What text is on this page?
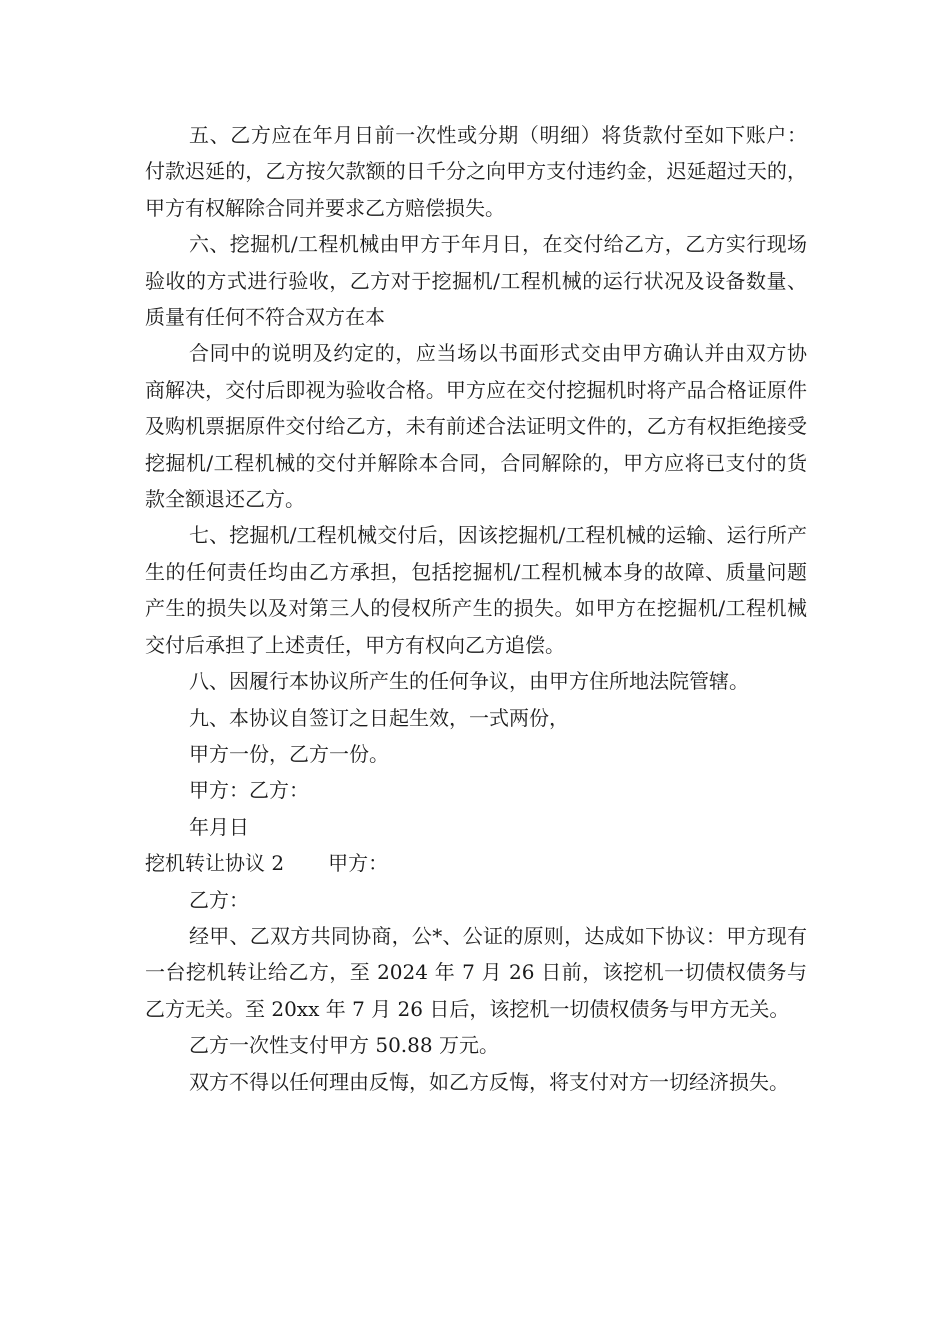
五、乙方应在年月日前一次性或分期（明细）将货款付至如下账户：付款迟延的，乙方按欠款额的日千分之向甲方支付违约金，迟延超过天的，甲方有权解除合同并要求乙方赔偿损失。

六、挖掘机/工程机械由甲方于年月日，在交付给乙方，乙方实行现场验收的方式进行验收，乙方对于挖掘机/工程机械的运行状况及设备数量、质量有任何不符合双方在本

合同中的说明及约定的，应当场以书面形式交由甲方确认并由双方协商解决，交付后即视为验收合格。甲方应在交付挖掘机时将产品合格证原件及购机票据原件交付给乙方，未有前述合法证明文件的，乙方有权拒绝接受挖掘机/工程机械的交付并解除本合同，合同解除的，甲方应将已支付的货款全额退还乙方。

七、挖掘机/工程机械交付后，因该挖掘机/工程机械的运输、运行所产生的任何责任均由乙方承担，包括挖掘机/工程机械本身的故障、质量问题产生的损失以及对第三人的侵权所产生的损失。如甲方在挖掘机/工程机械交付后承担了上述责任，甲方有权向乙方追偿。

八、因履行本协议所产生的任何争议，由甲方住所地法院管辖。

九、本协议自签订之日起生效，一式两份，

甲方一份，乙方一份。

甲方：乙方：

年月日

挖机转让协议 2 甲方：

乙方：

经甲、乙双方共同协商，公*、公证的原则，达成如下协议：甲方现有一台挖机转让给乙方，至 2024 年 7 月 26 日前，该挖机一切债权债务与乙方无关。至 20xx 年 7 月 26 日后，该挖机一切债权债务与甲方无关。

乙方一次性支付甲方 50.88 万元。

双方不得以任何理由反悔，如乙方反悔，将支付对方一切经济损失。
